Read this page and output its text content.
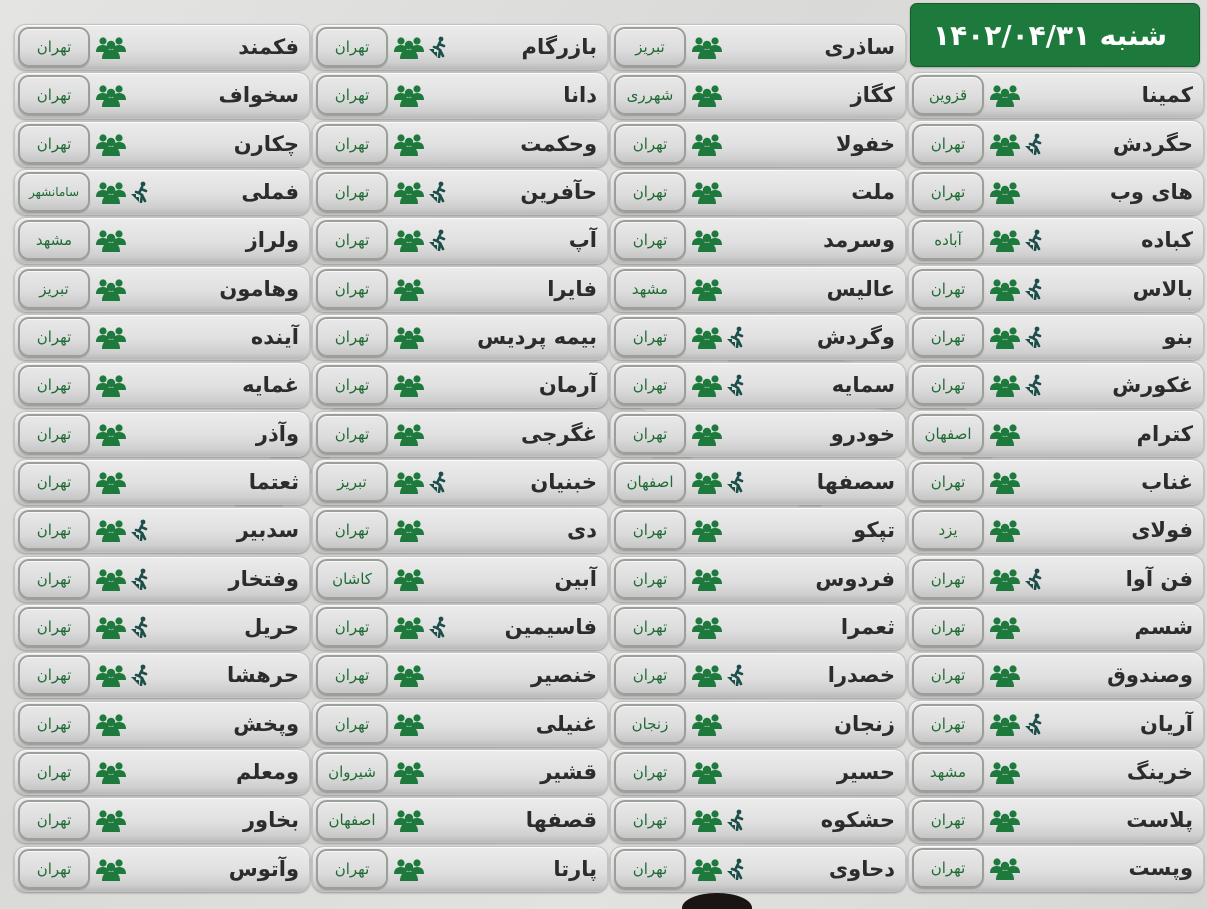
شنبه
۱۴۰۲/۰۴/۳۱
کمینا
قزوین
حگردش
تهران
های وب
تهران
کباده
آباده
بالاس
تهران
بنو
تهران
غکورش
تهران
کترام
اصفهان
غناب
تهران
فولای
یزد
فن آوا
تهران
شسم
تهران
وصندوق
تهران
آریان
تهران
خرینگ
مشهد
پلاست
تهران
وپست
تهران
ساذری
تبریز
کگاز
شهرری
خفولا
تهران
ملت
تهران
وسرمد
تهران
عالیس
مشهد
وگردش
تهران
سمایه
تهران
خودرو
تهران
سصفها
اصفهان
تپکو
تهران
فردوس
تهران
ثعمرا
تهران
خصدرا
تهران
زنجان
زنجان
حسیر
تهران
حشکوه
تهران
دحاوی
تهران
بازرگام
تهران
دانا
تهران
وحکمت
تهران
حآفرین
تهران
آپ
تهران
فایرا
تهران
بیمه پردیس
تهران
آرمان
تهران
غگرجی
تهران
خبنیان
تبریز
دی
تهران
آبین
کاشان
فاسیمین
تهران
خنصیر
تهران
غنیلی
تهران
قشیر
شیروان
قصفها
اصفهان
پارتا
تهران
فکمند
تهران
سخواف
تهران
چکارن
تهران
فملی
سامانشهر
ولراز
مشهد
وهامون
تبریز
آینده
تهران
غمایه
تهران
وآذر
تهران
ثعتما
تهران
سدبیر
تهران
وفتخار
تهران
حریل
تهران
حرهشا
تهران
وپخش
تهران
ومعلم
تهران
بخاور
تهران
وآتوس
تهران
